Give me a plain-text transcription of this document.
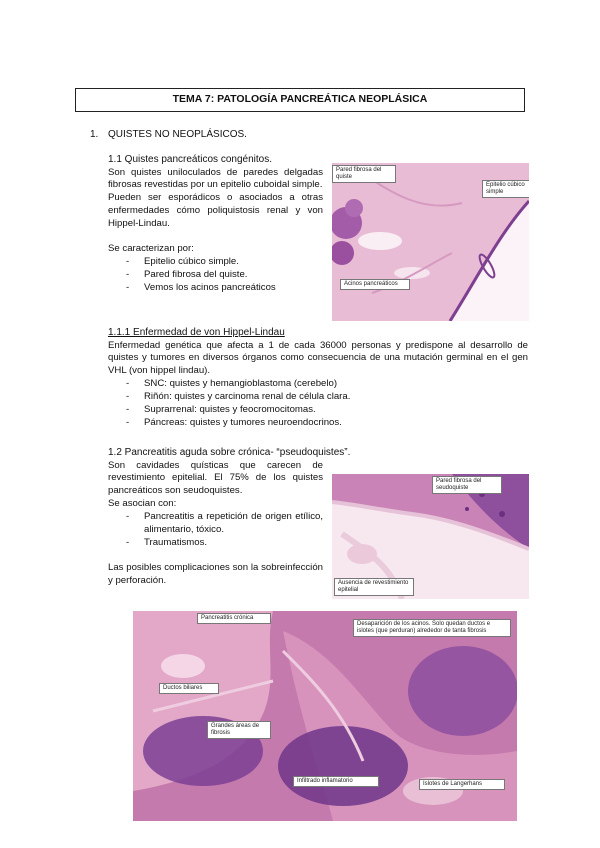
TEMA 7: PATOLOGÍA PANCREÁTICA NEOPLÁSICA
1. QUISTES NO NEOPLÁSICOS.

1.1 Quistes pancreáticos congénitos.

Son quistes uniloculados de paredes delgadas fibrosas revestidas por un epitelio cuboidal simple.

Pueden ser esporádicos o asociados a otras enfermedades cómo poliquistosis renal y von Hippel-Lindau.

Se caracterizan por:

- Epitelio cúbico simple.
- Pared fibrosa del quiste.
- Vemos los acinos pancreáticos
Pared fibrosa del quiste
Epitelio cúbico simple
Acinos pancreáticos

1.1.1 Enfermedad de von Hippel-Lindau

Enfermedad genética que afecta a 1 de cada 36000 personas y predispone al desarrollo de quistes y tumores en diversos órganos como consecuencia de una mutación germinal en el gen VHL (von hippel lindau).

- SNC: quistes y hemangioblastoma (cerebelo)
- Riñón: quistes y carcinoma renal de célula clara.
- Suprarrenal: quistes y feocromocitomas.
- Páncreas: quistes y tumores neuroendocrinos.

1.2 Pancreatitis aguda sobre crónica- “pseudoquistes”.

Son cavidades quísticas que carecen de revestimiento epitelial. El 75% de los quistes pancreáticos son seudoquistes.

Se asocian con:

- Pancreatitis a repetición de origen etílico, alimentario, tóxico.
- Traumatismos.

Las posibles complicaciones son la sobreinfección y perforación.

Pared fibrosa del seudoquiste
Ausencia de revestimiento epitelial
Pancreatitis crónica
Desaparición de los acinos. Solo quedan ductos e islotes (que perduran) alrededor de tanta fibrosis
Ductos biliares
Grandes áreas de fibrosis
Infiltrado inflamatorio	Islotes de Langerhans
